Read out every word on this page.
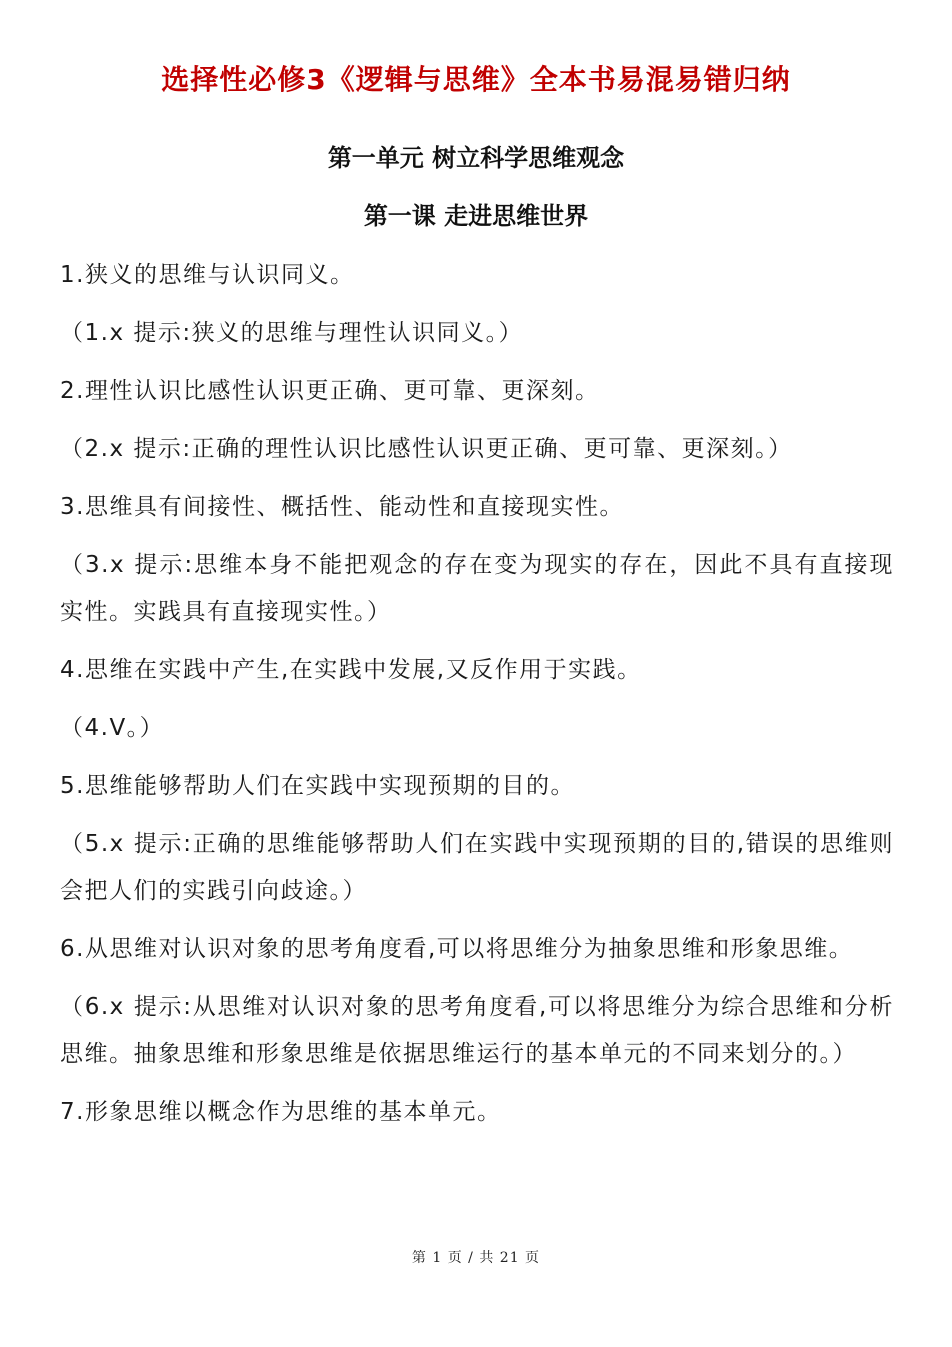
选择性必修3《逻辑与思维》全本书易混易错归纳
第一单元 树立科学思维观念
第一课 走进思维世界

1.狭义的思维与认识同义。

（1.x 提示:狭义的思维与理性认识同义。）

2.理性认识比感性认识更正确、更可靠、更深刻。

（2.x 提示:正确的理性认识比感性认识更正确、更可靠、更深刻。）

3.思维具有间接性、概括性、能动性和直接现实性。

（3.x 提示:思维本身不能把观念的存在变为现实的存在，因此不具有直接现实性。实践具有直接现实性。）

4.思维在实践中产生,在实践中发展,又反作用于实践。

（4.V。）

5.思维能够帮助人们在实践中实现预期的目的。

（5.x 提示:正确的思维能够帮助人们在实践中实现预期的目的,错误的思维则会把人们的实践引向歧途。）

6.从思维对认识对象的思考角度看,可以将思维分为抽象思维和形象思维。

（6.x 提示:从思维对认识对象的思考角度看,可以将思维分为综合思维和分析思维。抽象思维和形象思维是依据思维运行的基本单元的不同来划分的。）

7.形象思维以概念作为思维的基本单元。

第 1 页 / 共 21 页
